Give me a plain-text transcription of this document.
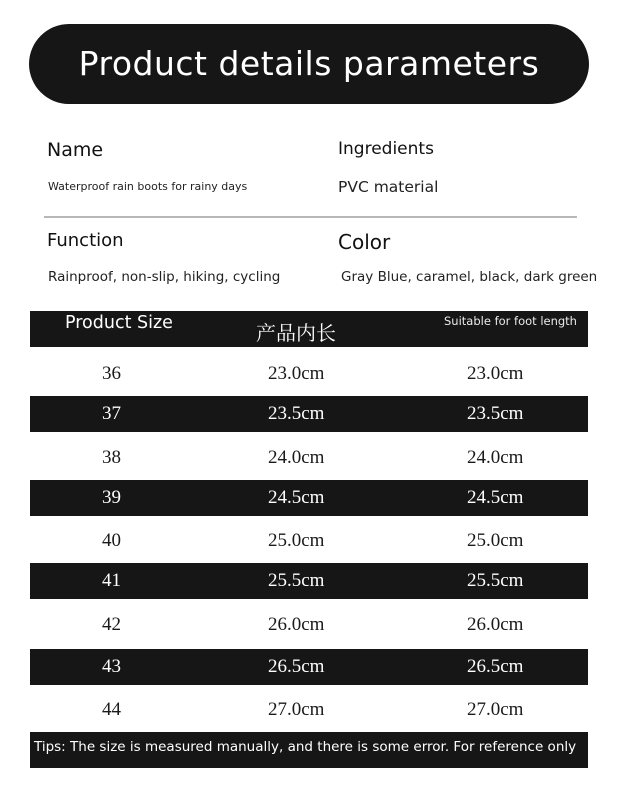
Product details parameters
Name
Waterproof rain boots for rainy days
Ingredients
PVC material
Function
Rainproof, non-slip, hiking, cycling
Color
Gray Blue, caramel, black, dark green
Product Size	产品内长	Suitable for foot length
36	23.0cm	23.0cm
37	23.5cm	23.5cm
38	24.0cm	24.0cm
39	24.5cm	24.5cm
40	25.0cm	25.0cm
41	25.5cm	25.5cm
42	26.0cm	26.0cm
43	26.5cm	26.5cm
44	27.0cm	27.0cm
Tips: The size is measured manually, and there is some error. For reference only
